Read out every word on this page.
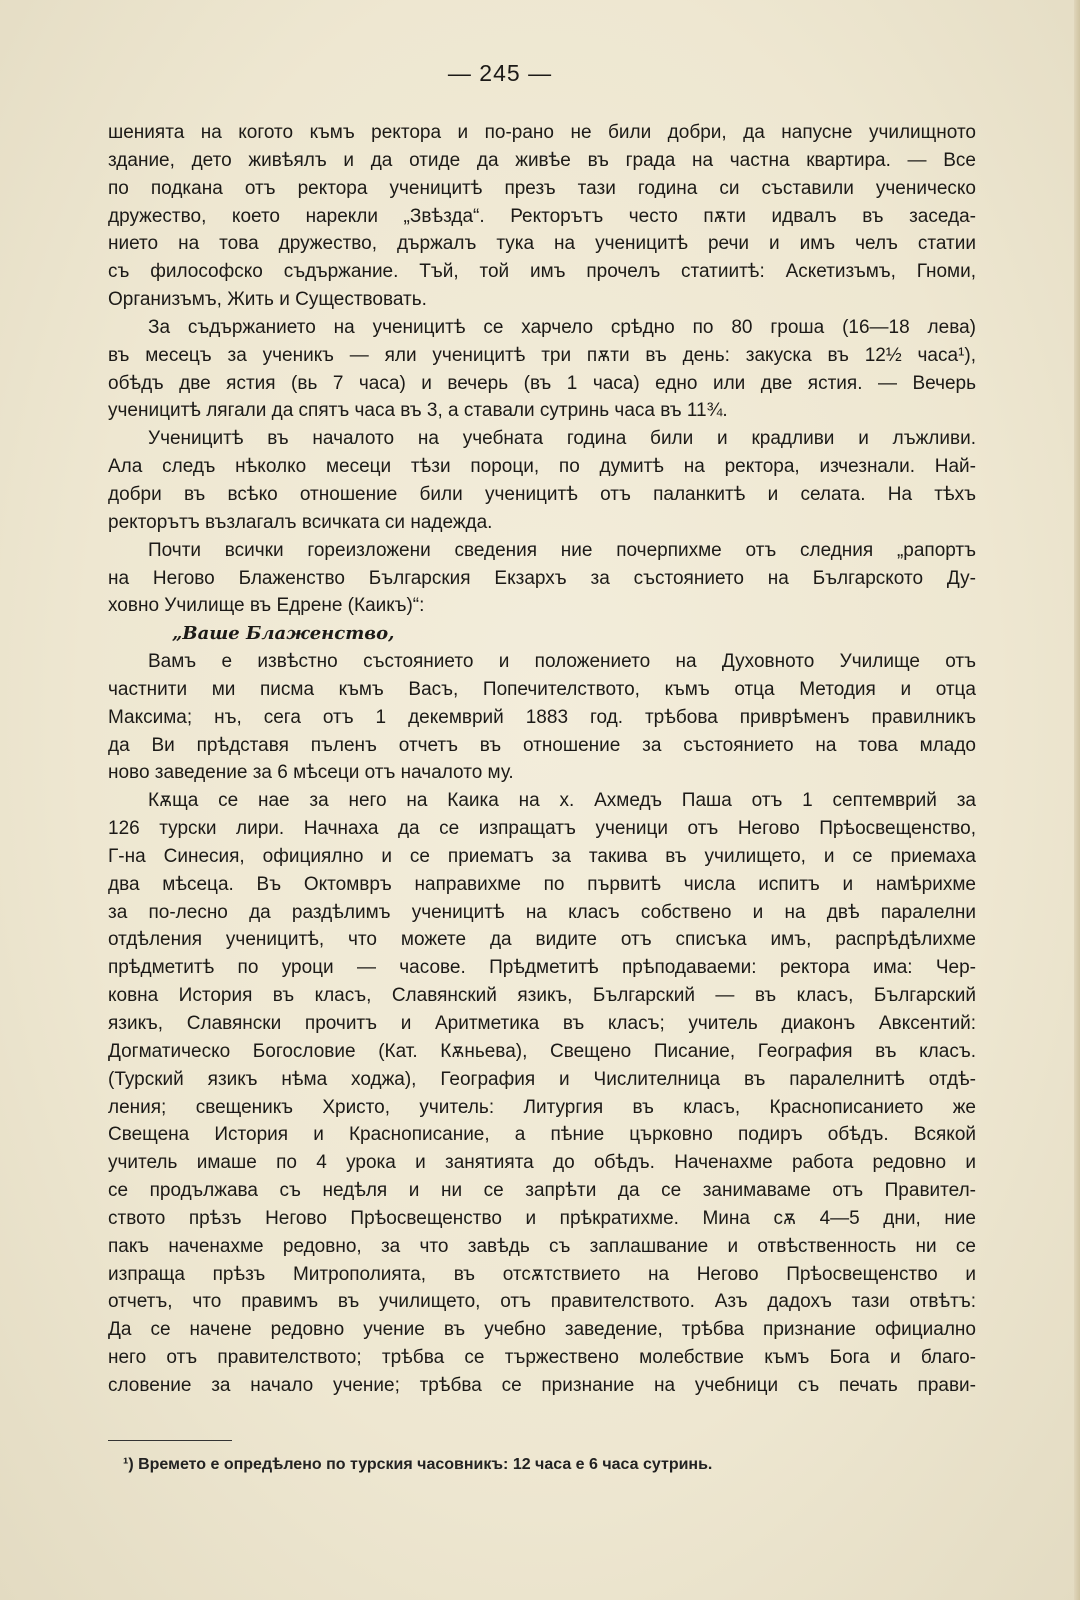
— 245 —
шенията на когото къмъ ректора и по-рано не били добри, да напусне училищното
здание, дето живѣялъ и да отиде да живѣе въ града на частна квартира. — Все
по подкана отъ ректора ученицитѣ презъ тази година си съставили ученическо
дружество, което нарекли „Звѣзда“. Ректорътъ често пѫти идвалъ въ заседа-
нието на това дружество, държалъ тука на ученицитѣ речи и имъ челъ статии
съ философско съдържание. Тъй, той имъ прочелъ статиитѣ: Аскетизъмъ, Гноми,
Организъмъ, Жить и Существовать.
За съдържанието на ученицитѣ се харчело срѣдно по 80 гроша (16—18 лева)
въ месецъ за ученикъ — яли ученицитѣ три пѫти въ день: закуска въ 12½ часа¹),
обѣдъ две ястия (вь 7 часа) и вечерь (въ 1 часа) едно или две ястия. — Вечерь
ученицитѣ лягали да спятъ часа въ 3, а ставали сутринь часа въ 11¾.
Ученицитѣ въ началото на учебната година били и крадливи и лъжливи.
Ала следъ нѣколко месеци тѣзи пороци, по думитѣ на ректора, изчезнали. Най-
добри въ всѣко отношение били ученицитѣ отъ паланкитѣ и селата. На тѣхъ
ректорътъ възлагалъ всичката си надежда.
Почти всички гореизложени сведения ние почерпихме отъ следния „рапортъ
на Негово Блаженство Българския Екзархъ за състоянието на Българското Ду-
ховно Училище въ Едрене (Каикъ)“:
„Ваше Блаженство,
Вамъ е извѣстно състоянието и положението на Духовното Училище отъ
частнити ми писма къмъ Васъ, Попечителството, къмъ отца Методия и отца
Максима; нъ, сега отъ 1 декемврий 1883 год. трѣбова приврѣменъ правилникъ
да Ви прѣдставя пъленъ отчетъ въ отношение за състоянието на това младо
ново заведение за 6 мѣсеци отъ началото му.
Кѫща се нае за него на Каика на х. Ахмедъ Паша отъ 1 септемврий за
126 турски лири. Начнаха да се изпращатъ ученици отъ Негово Прѣосвещенство,
Г-на Синесия, официялно и се приематъ за такива въ училището, и се приемаха
два мѣсеца. Въ Октомвръ направихме по първитѣ числа испитъ и намѣрихме
за по-лесно да раздѣлимъ ученицитѣ на класъ собствено и на двѣ паралелни
отдѣления ученицитѣ, что можете да видите отъ списъка имъ, распрѣдѣлихме
прѣдметитѣ по уроци — часове. Прѣдметитѣ прѣподаваеми: ректора има: Чер-
ковна История въ класъ, Славянский язикъ, Българский — въ класъ, Българский
язикъ, Славянски прочитъ и Аритметика въ класъ; учитель диаконъ Авксентий:
Догматическо Богословие (Кат. Кѫньева), Свещено Писание, География въ класъ.
(Турский язикъ нѣма ходжа), География и Числителница въ паралелнитѣ отдѣ-
ления; свещеникъ Христо, учитель: Литургия въ класъ, Краснописанието же
Свещена История и Краснописание, а пѣние църковно подиръ обѣдъ. Всякой
учитель имаше по 4 урока и занятията до обѣдъ. Наченахме работа редовно и
се продължава съ недѣля и ни се запрѣти да се занимаваме отъ Правител-
ството прѣзъ Негово Прѣосвещенство и прѣкратихме. Мина сѫ 4—5 дни, ние
пакъ наченахме редовно, за что завѣдь съ заплашвание и отвѣственность ни се
изпраща прѣзъ Митрополията, въ отсѫтствието на Негово Прѣосвещенство и
отчетъ, что правимъ въ училището, отъ правителството. Азъ дадохъ тази отвѣтъ:
Да се начене редовно учение въ учебно заведение, трѣбва признание официално
него отъ правителството; трѣбва се тържествено молебствие къмъ Бога и благо-
словение за начало учение; трѣбва се признание на учебници съ печать прави-
¹) Времето е опредѣлено по турския часовникъ: 12 часа е 6 часа сутринь.
